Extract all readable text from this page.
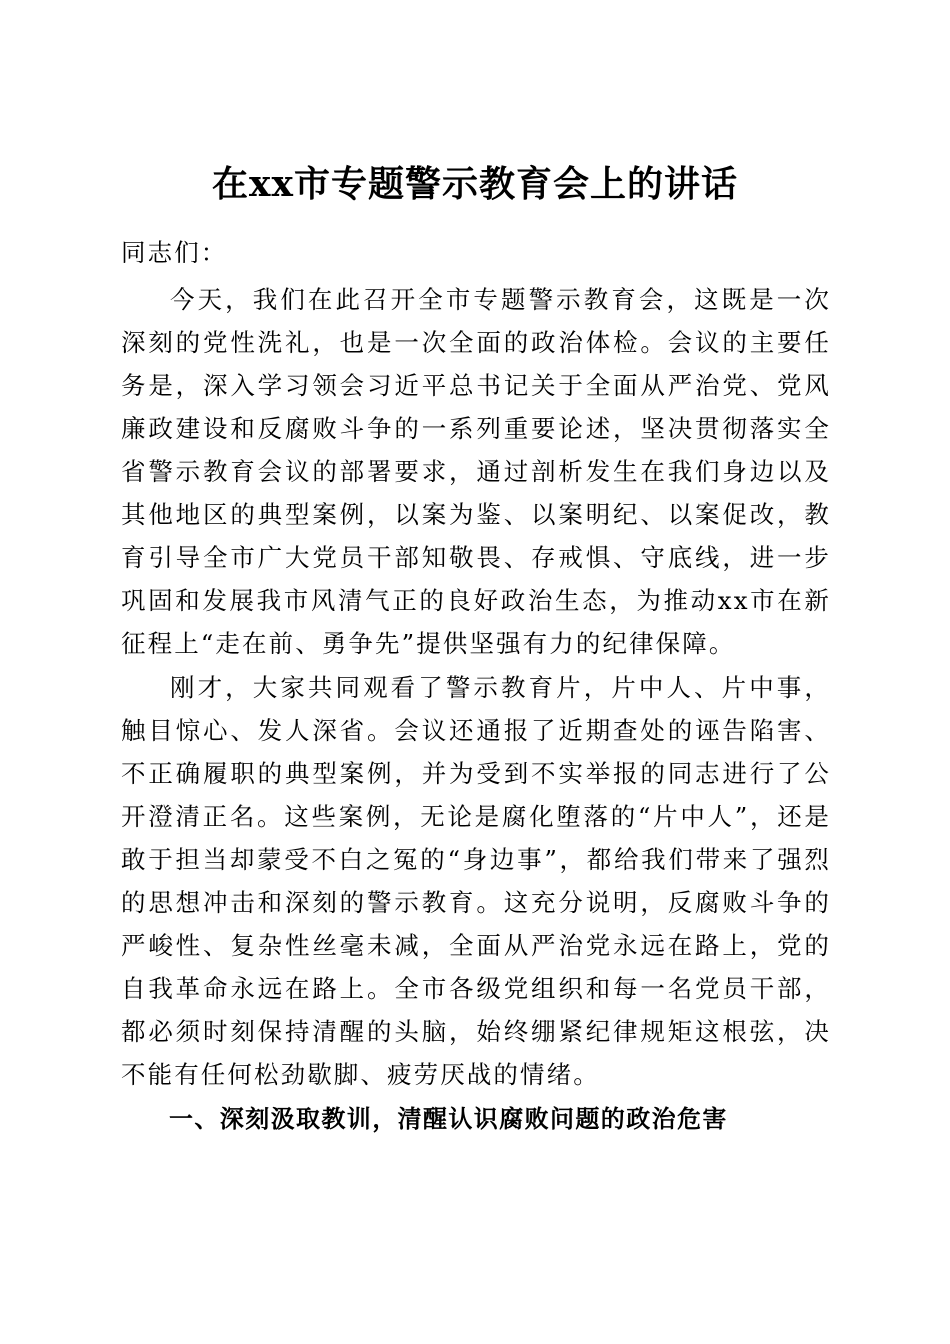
在xx市专题警示教育会上的讲话

同志们：

今天，我们在此召开全市专题警示教育会，这既是一次深刻的党性洗礼，也是一次全面的政治体检。会议的主要任务是，深入学习领会习近平总书记关于全面从严治党、党风廉政建设和反腐败斗争的一系列重要论述，坚决贯彻落实全省警示教育会议的部署要求，通过剖析发生在我们身边以及其他地区的典型案例，以案为鉴、以案明纪、以案促改，教育引导全市广大党员干部知敬畏、存戒惧、守底线，进一步巩固和发展我市风清气正的良好政治生态，为推动xx市在新征程上“走在前、勇争先”提供坚强有力的纪律保障。

刚才，大家共同观看了警示教育片，片中人、片中事，触目惊心、发人深省。会议还通报了近期查处的诬告陷害、不正确履职的典型案例，并为受到不实举报的同志进行了公开澄清正名。这些案例，无论是腐化堕落的“片中人”，还是敢于担当却蒙受不白之冤的“身边事”，都给我们带来了强烈的思想冲击和深刻的警示教育。这充分说明，反腐败斗争的严峻性、复杂性丝毫未减，全面从严治党永远在路上，党的自我革命永远在路上。全市各级党组织和每一名党员干部，都必须时刻保持清醒的头脑，始终绷紧纪律规矩这根弦，决不能有任何松劲歇脚、疲劳厌战的情绪。

一、深刻汲取教训，清醒认识腐败问题的政治危害
